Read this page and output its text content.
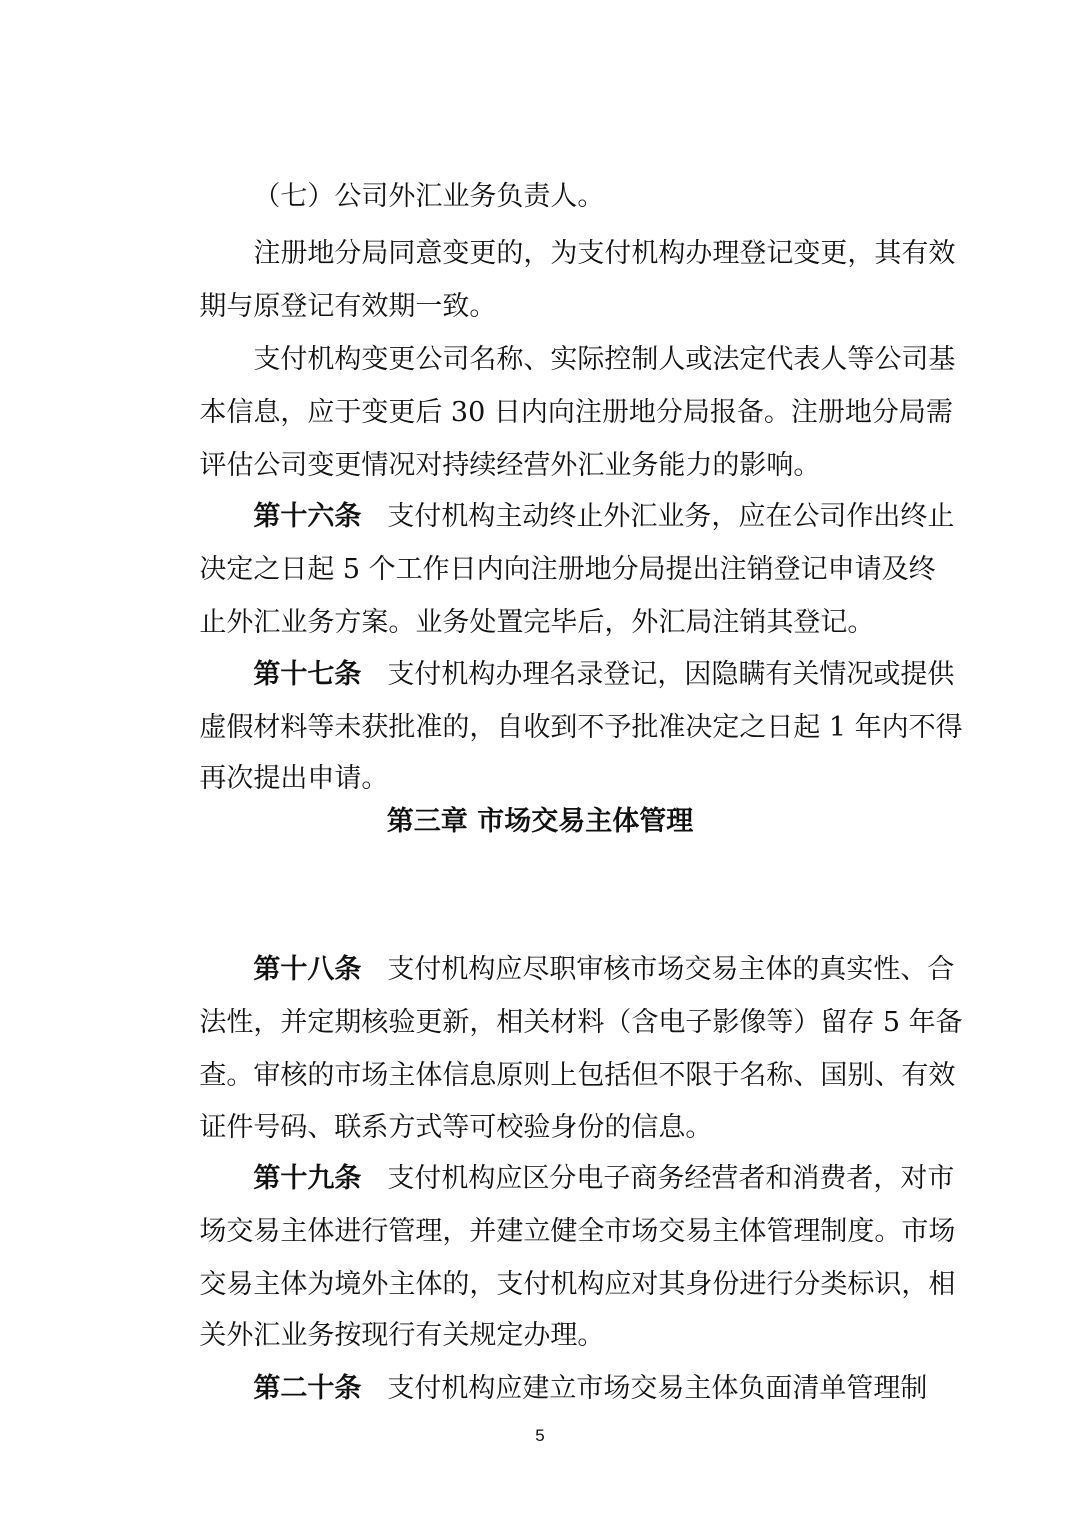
（七）公司外汇业务负责人。

注册地分局同意变更的，为支付机构办理登记变更，其有效

期与原登记有效期一致。

支付机构变更公司名称、实际控制人或法定代表人等公司基

本信息，应于变更后 30 日内向注册地分局报备。注册地分局需

评估公司变更情况对持续经营外汇业务能力的影响。

第十六条 支付机构主动终止外汇业务，应在公司作出终止

决定之日起 5 个工作日内向注册地分局提出注销登记申请及终

止外汇业务方案。业务处置完毕后，外汇局注销其登记。

第十七条 支付机构办理名录登记，因隐瞒有关情况或提供

虚假材料等未获批准的，自收到不予批准决定之日起 1 年内不得

再次提出申请。

第三章 市场交易主体管理

第十八条 支付机构应尽职审核市场交易主体的真实性、合

法性，并定期核验更新，相关材料（含电子影像等）留存 5 年备

查。审核的市场主体信息原则上包括但不限于名称、国别、有效

证件号码、联系方式等可校验身份的信息。

第十九条 支付机构应区分电子商务经营者和消费者，对市

场交易主体进行管理，并建立健全市场交易主体管理制度。市场

交易主体为境外主体的，支付机构应对其身份进行分类标识，相

关外汇业务按现行有关规定办理。

第二十条 支付机构应建立市场交易主体负面清单管理制

5
